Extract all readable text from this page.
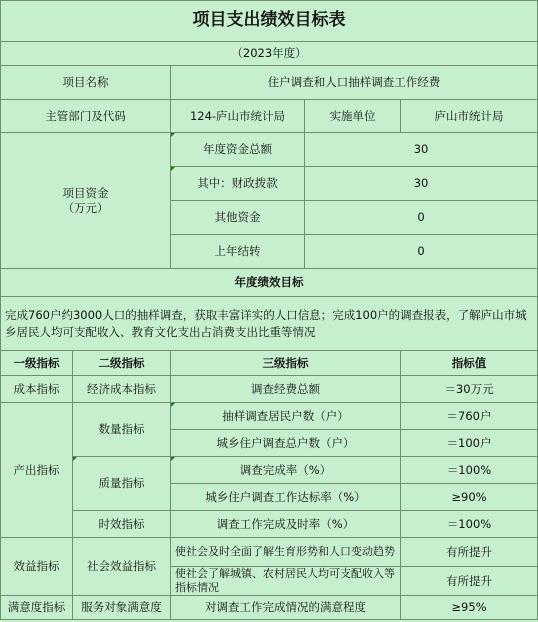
项目支出绩效目标表				
（2023年度）				
项目名称		住户调查和人口抽样调查工作经费		
主管部门及代码		124-庐山市统计局	实施单位	庐山市统计局
项目资金
（万元）		年度资金总额	30	
		其中：财政拨款	30	
		其他资金	0	
		上年结转	0	
年度绩效目标				
完成760户约3000人口的抽样调查，获取丰富详实的人口信息；完成100户的调查报表，了解庐山市城乡居民人均可支配收入、教育文化支出占消费支出比重等情况				
一级指标	二级指标	三级指标		指标值
成本指标	经济成本指标	调查经费总额		＝30万元
产出指标	数量指标	抽样调查居民户数（户）		＝760户
		城乡住户调查总户数（户）		＝100户
	质量指标	调查完成率（%）		＝100%
		城乡住户调查工作达标率（%）		≥90%
	时效指标	调查工作完成及时率（%）		＝100%
效益指标	社会效益指标	使社会及时全面了解生育形势和人口变动趋势		有所提升
		使社会了解城镇、农村居民人均可支配收入等指标情况		有所提升
满意度指标	服务对象满意度	对调查工作完成情况的满意程度		≥95%
